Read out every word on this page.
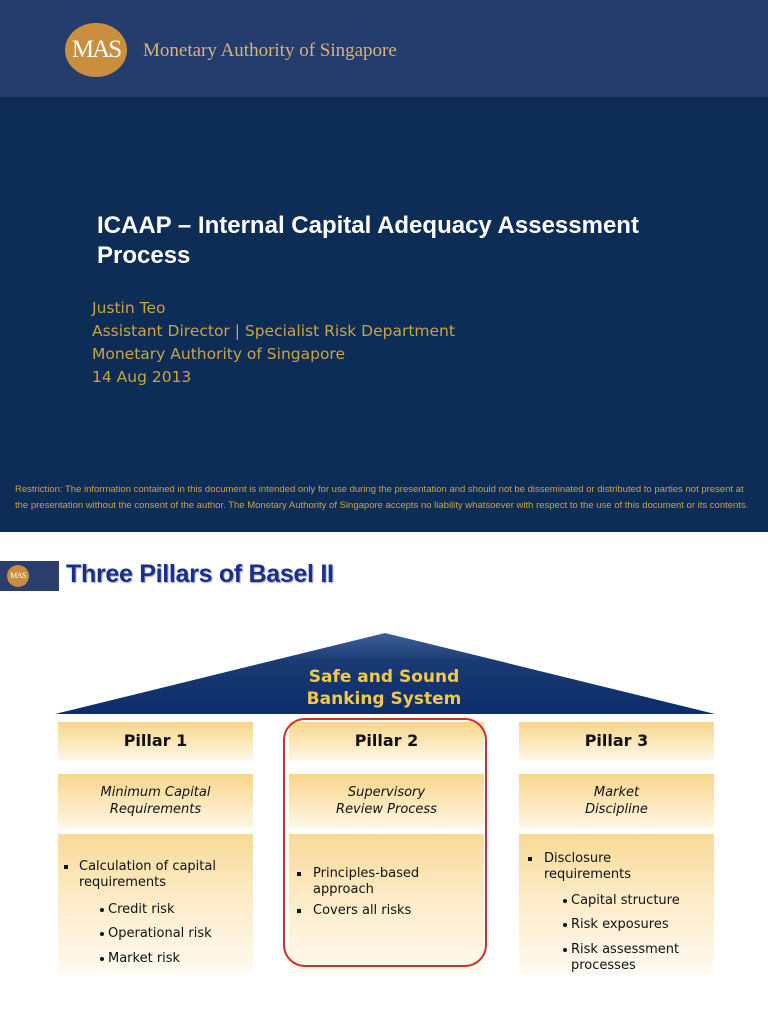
MAS	Monetary Authority of Singapore
ICAAP – Internal Capital Adequacy Assessment Process
Justin Teo
Assistant Director | Specialist Risk Department
Monetary Authority of Singapore
14 Aug 2013

Restriction: The information contained in this document is intended only for use during the presentation and should not be disseminated or distributed to parties not present at the presentation without the consent of the author. The Monetary Authority of Singapore accepts no liability whatsoever with respect to the use of this document or its contents.

MAS Three Pillars of Basel II
Safe and Sound
Banking System
Pillar 1
Minimum Capital
Requirements
Calculation of capital requirements
Credit risk
Operational risk
Market risk
Pillar 2
Supervisory
Review Process
Principles-based approach
Covers all risks
Pillar 3
Market
Discipline
Disclosure requirements
Capital structure
Risk exposures
Risk assessment processes
